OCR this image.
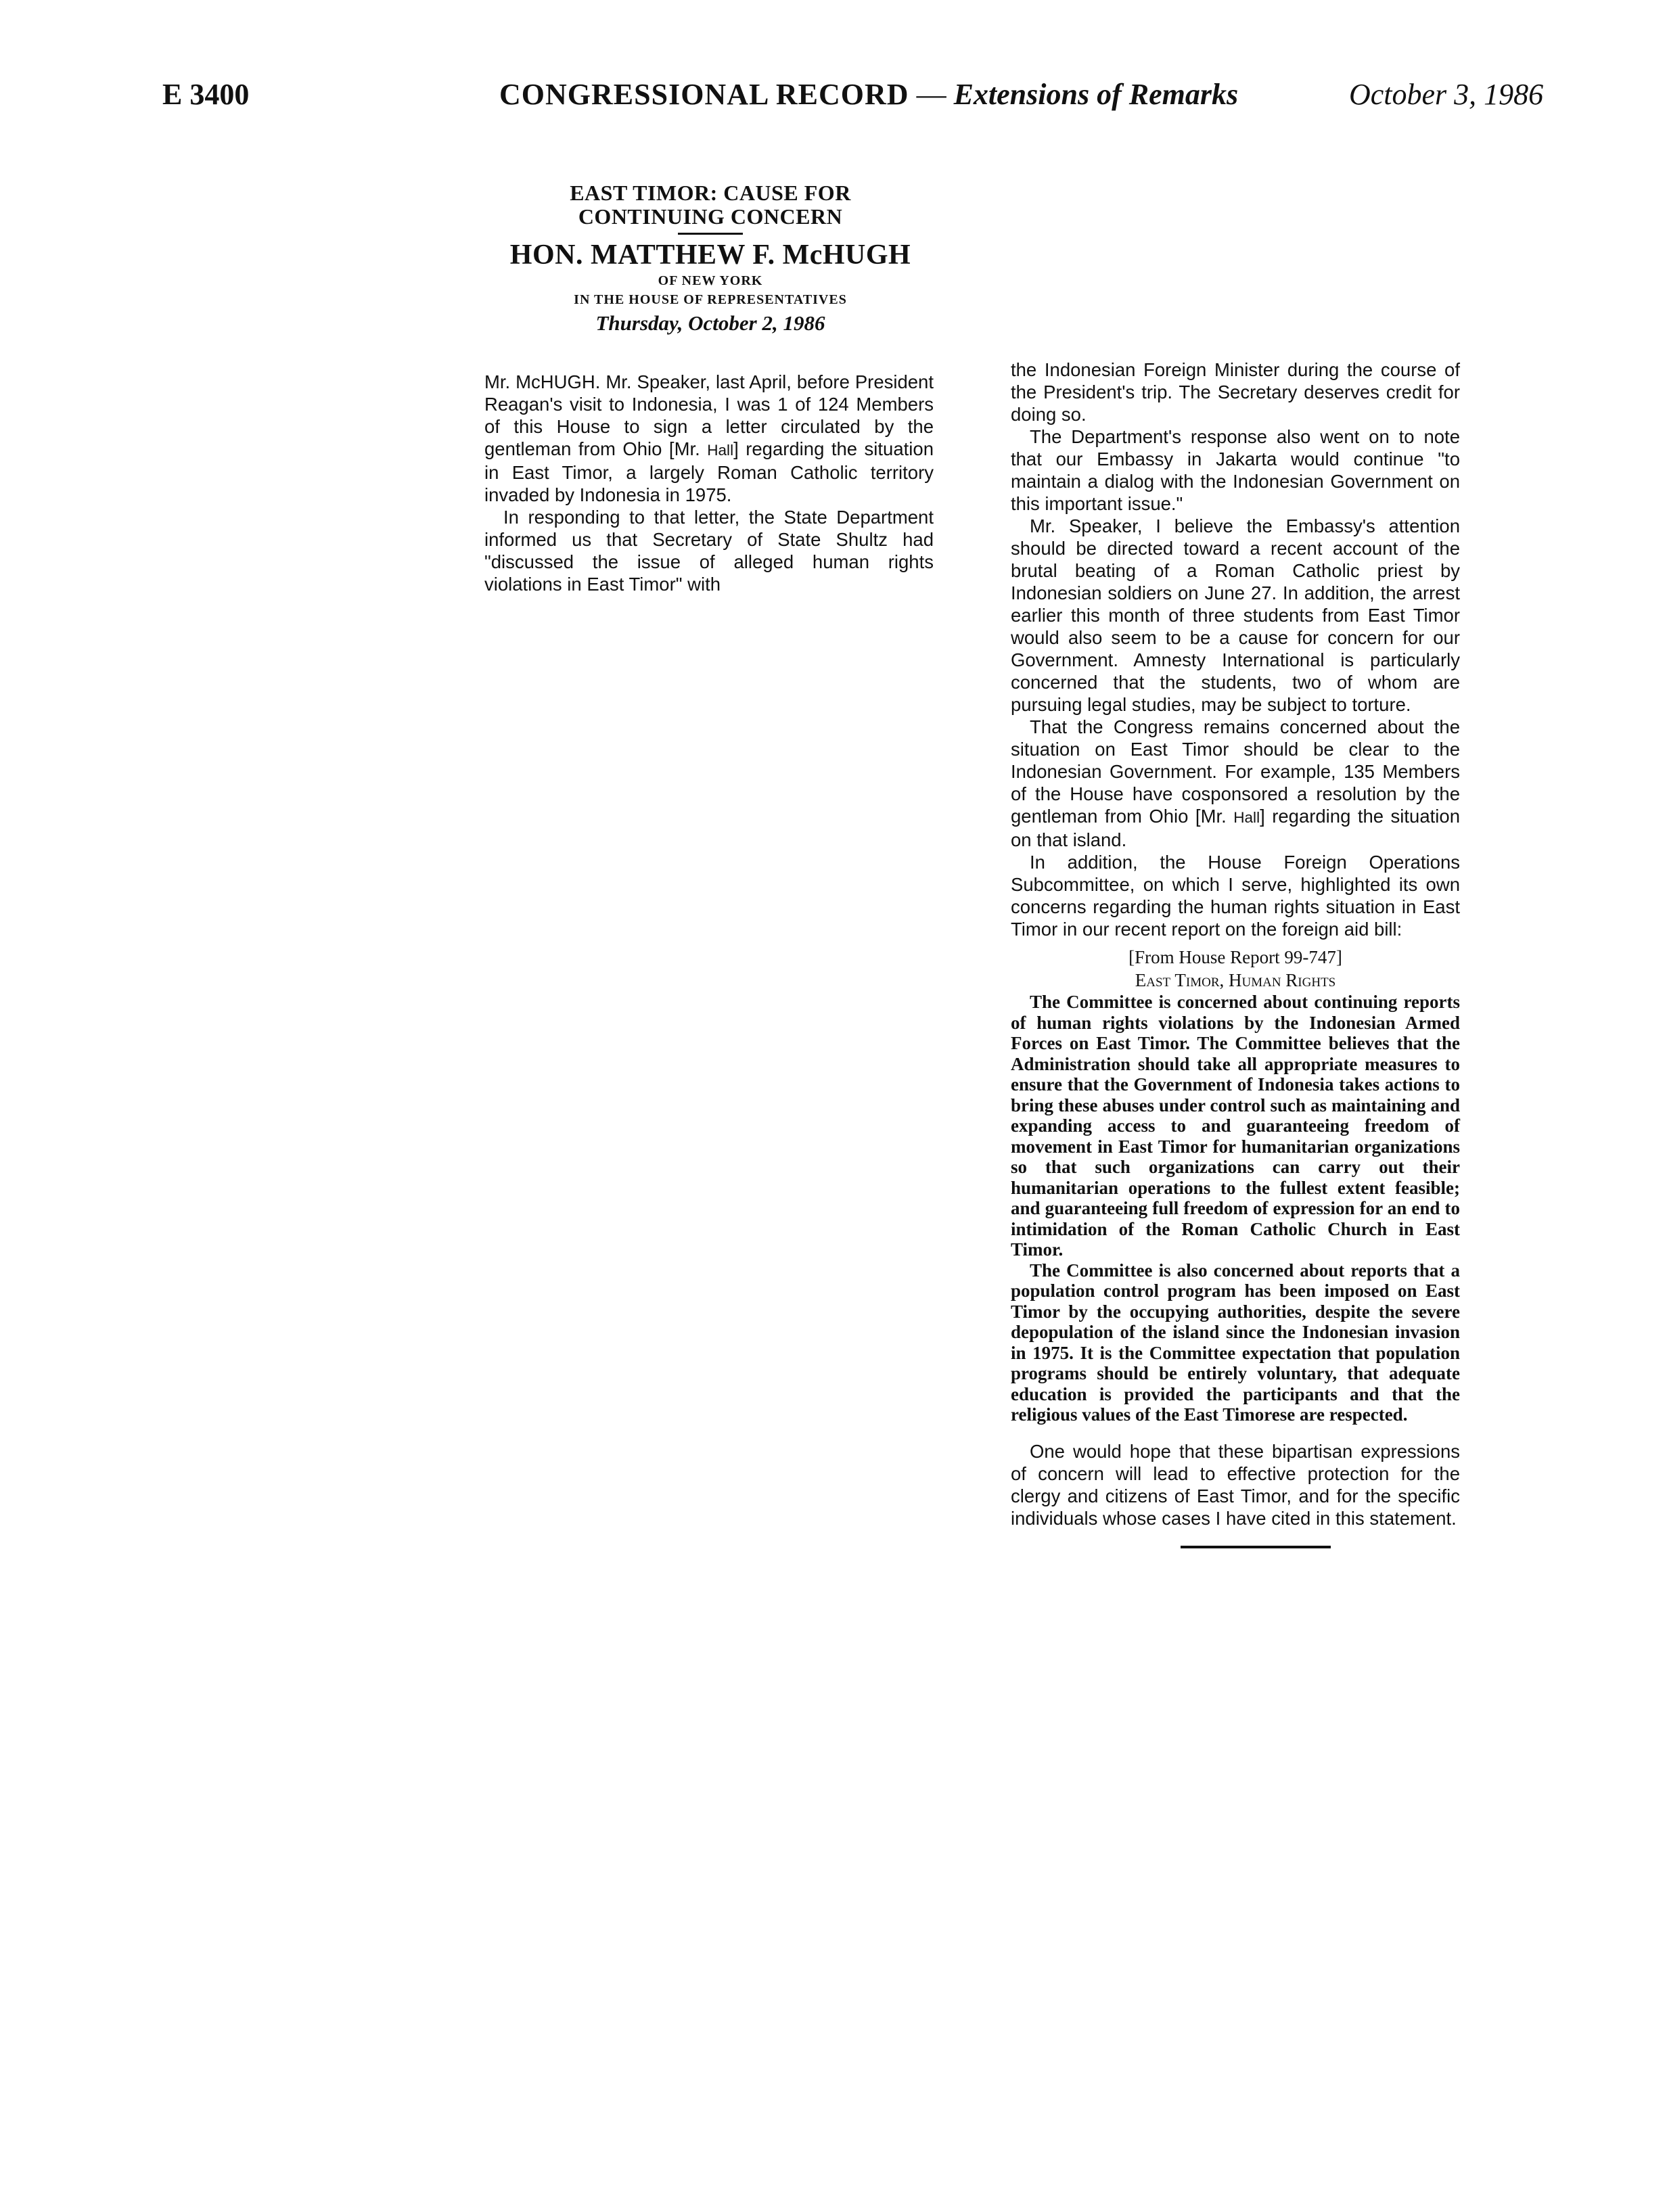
E 3400	CONGRESSIONAL RECORD — Extensions of Remarks	October 3, 1986
EAST TIMOR: CAUSE FOR
CONTINUING CONCERN
HON. MATTHEW F. McHUGH
OF NEW YORK
IN THE HOUSE OF REPRESENTATIVES
Thursday, October 2, 1986

Mr. McHUGH. Mr. Speaker, last April, before President Reagan's visit to Indonesia, I was 1 of 124 Members of this House to sign a letter circulated by the gentleman from Ohio [Mr. Hall] regarding the situation in East Timor, a largely Roman Catholic territory invaded by Indonesia in 1975.

In responding to that letter, the State Department informed us that Secretary of State Shultz had "discussed the issue of alleged human rights violations in East Timor" with

the Indonesian Foreign Minister during the course of the President's trip. The Secretary deserves credit for doing so.

The Department's response also went on to note that our Embassy in Jakarta would continue "to maintain a dialog with the Indonesian Government on this important issue."

Mr. Speaker, I believe the Embassy's attention should be directed toward a recent account of the brutal beating of a Roman Catholic priest by Indonesian soldiers on June 27. In addition, the arrest earlier this month of three students from East Timor would also seem to be a cause for concern for our Government. Amnesty International is particularly concerned that the students, two of whom are pursuing legal studies, may be subject to torture.

That the Congress remains concerned about the situation on East Timor should be clear to the Indonesian Government. For example, 135 Members of the House have cosponsored a resolution by the gentleman from Ohio [Mr. Hall] regarding the situation on that island.

In addition, the House Foreign Operations Subcommittee, on which I serve, highlighted its own concerns regarding the human rights situation in East Timor in our recent report on the foreign aid bill:

[From House Report 99-747]
East Timor, Human Rights

The Committee is concerned about continuing reports of human rights violations by the Indonesian Armed Forces on East Timor. The Committee believes that the Administration should take all appropriate measures to ensure that the Government of Indonesia takes actions to bring these abuses under control such as maintaining and expanding access to and guaranteeing freedom of movement in East Timor for humanitarian organizations so that such organizations can carry out their humanitarian operations to the fullest extent feasible; and guaranteeing full freedom of expression for an end to intimidation of the Roman Catholic Church in East Timor.

The Committee is also concerned about reports that a population control program has been imposed on East Timor by the occupying authorities, despite the severe depopulation of the island since the Indonesian invasion in 1975. It is the Committee expectation that population programs should be entirely voluntary, that adequate education is provided the participants and that the religious values of the East Timorese are respected.

One would hope that these bipartisan expressions of concern will lead to effective protection for the clergy and citizens of East Timor, and for the specific individuals whose cases I have cited in this statement.
